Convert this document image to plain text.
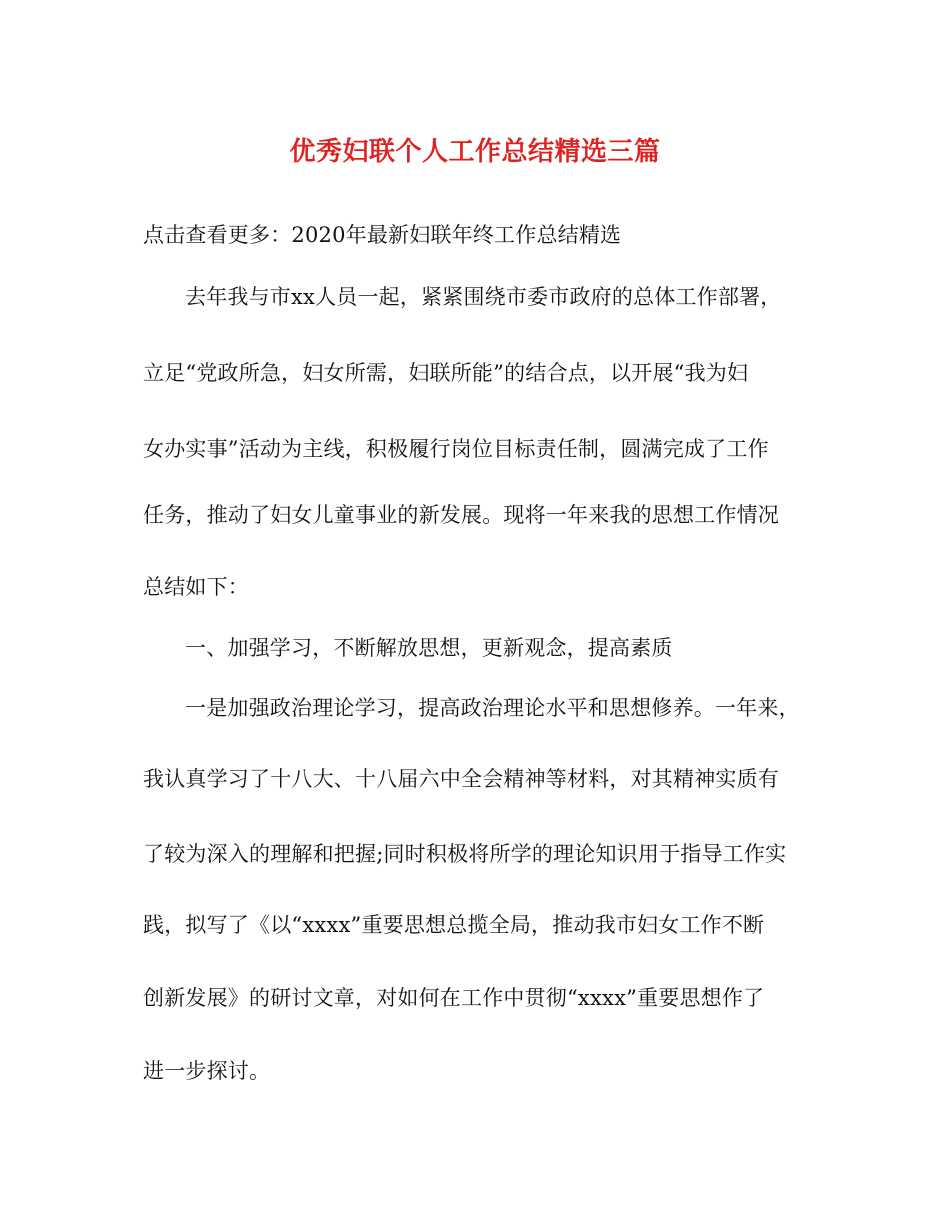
优秀妇联个人工作总结精选三篇
点击查看更多：2020年最新妇联年终工作总结精选
去年我与市xx人员一起，紧紧围绕市委市政府的总体工作部署，
立足“党政所急，妇女所需，妇联所能”的结合点，以开展“我为妇
女办实事”活动为主线，积极履行岗位目标责任制，圆满完成了工作
任务，推动了妇女儿童事业的新发展。现将一年来我的思想工作情况
总结如下：
一、加强学习，不断解放思想，更新观念，提高素质
一是加强政治理论学习，提高政治理论水平和思想修养。一年来，
我认真学习了十八大、十八届六中全会精神等材料，对其精神实质有
了较为深入的理解和把握;同时积极将所学的理论知识用于指导工作实
践，拟写了《以“xxxx”重要思想总揽全局，推动我市妇女工作不断
创新发展》的研讨文章，对如何在工作中贯彻“xxxx”重要思想作了
进一步探讨。
